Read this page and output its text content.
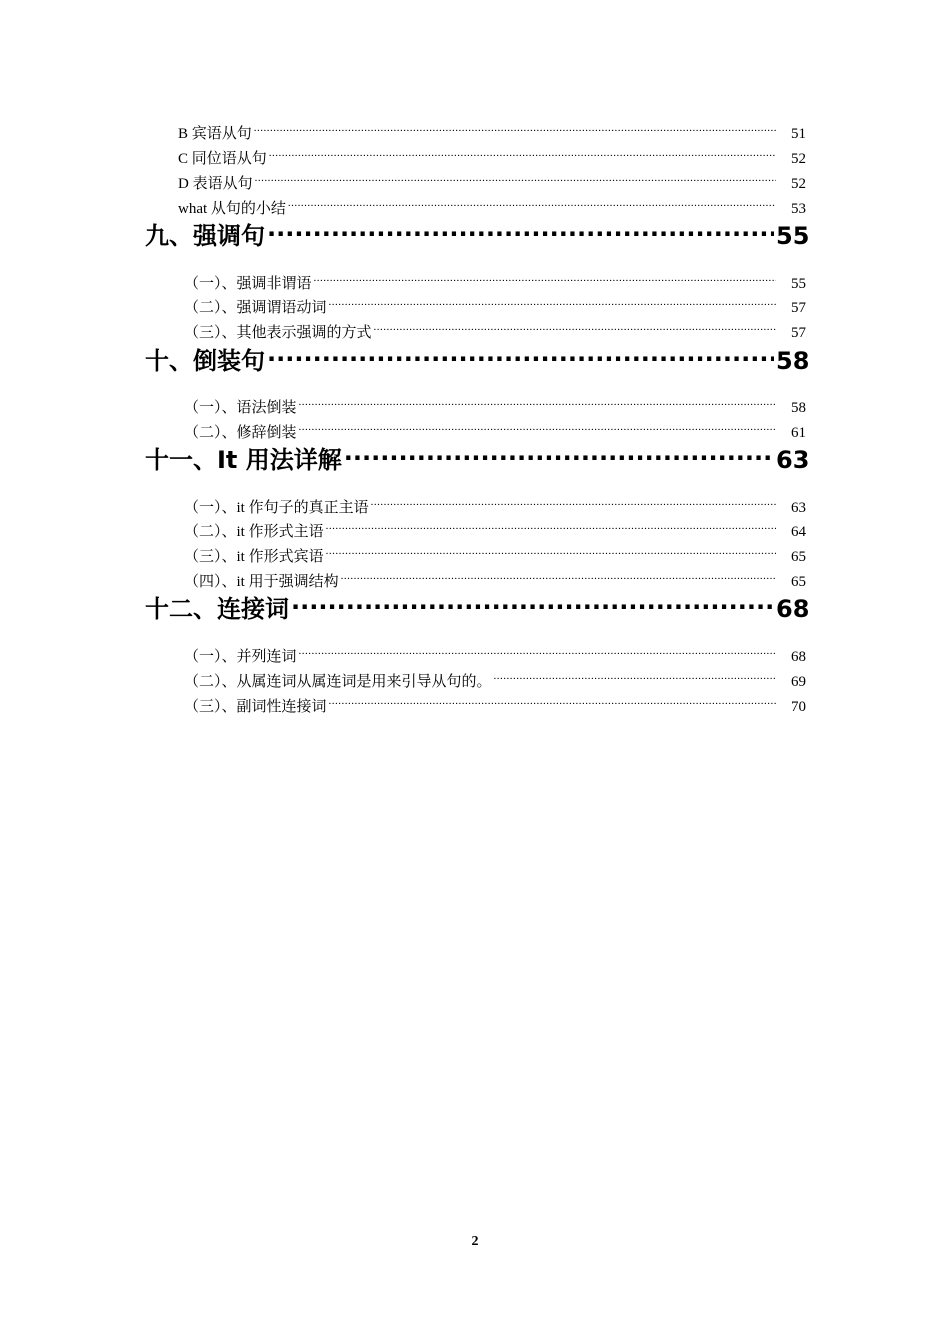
B 宾语从句 .....	51
C 同位语从句 .....	52
D 表语从句 .....	52
what 从句的小结 .....	53
九、强调句 .....	55
（一）、强调非谓语 .....	55
（二）、强调谓语动词 .....	57
（三）、其他表示强调的方式 .....	57
十、倒装句 .....	58
（一）、语法倒装 .....	58
（二）、修辞倒装 .....	61
十一、It 用法详解 .....	63
（一）、it 作句子的真正主语 .....	63
（二）、it 作形式主语 .....	64
（三）、it 作形式宾语 .....	65
（四）、it 用于强调结构 .....	65
十二、连接词 .....	68
（一）、并列连词 .....	68
（二）、从属连词从属连词是用来引导从句的。 .....	69
（三）、副词性连接词 .....	70
2
